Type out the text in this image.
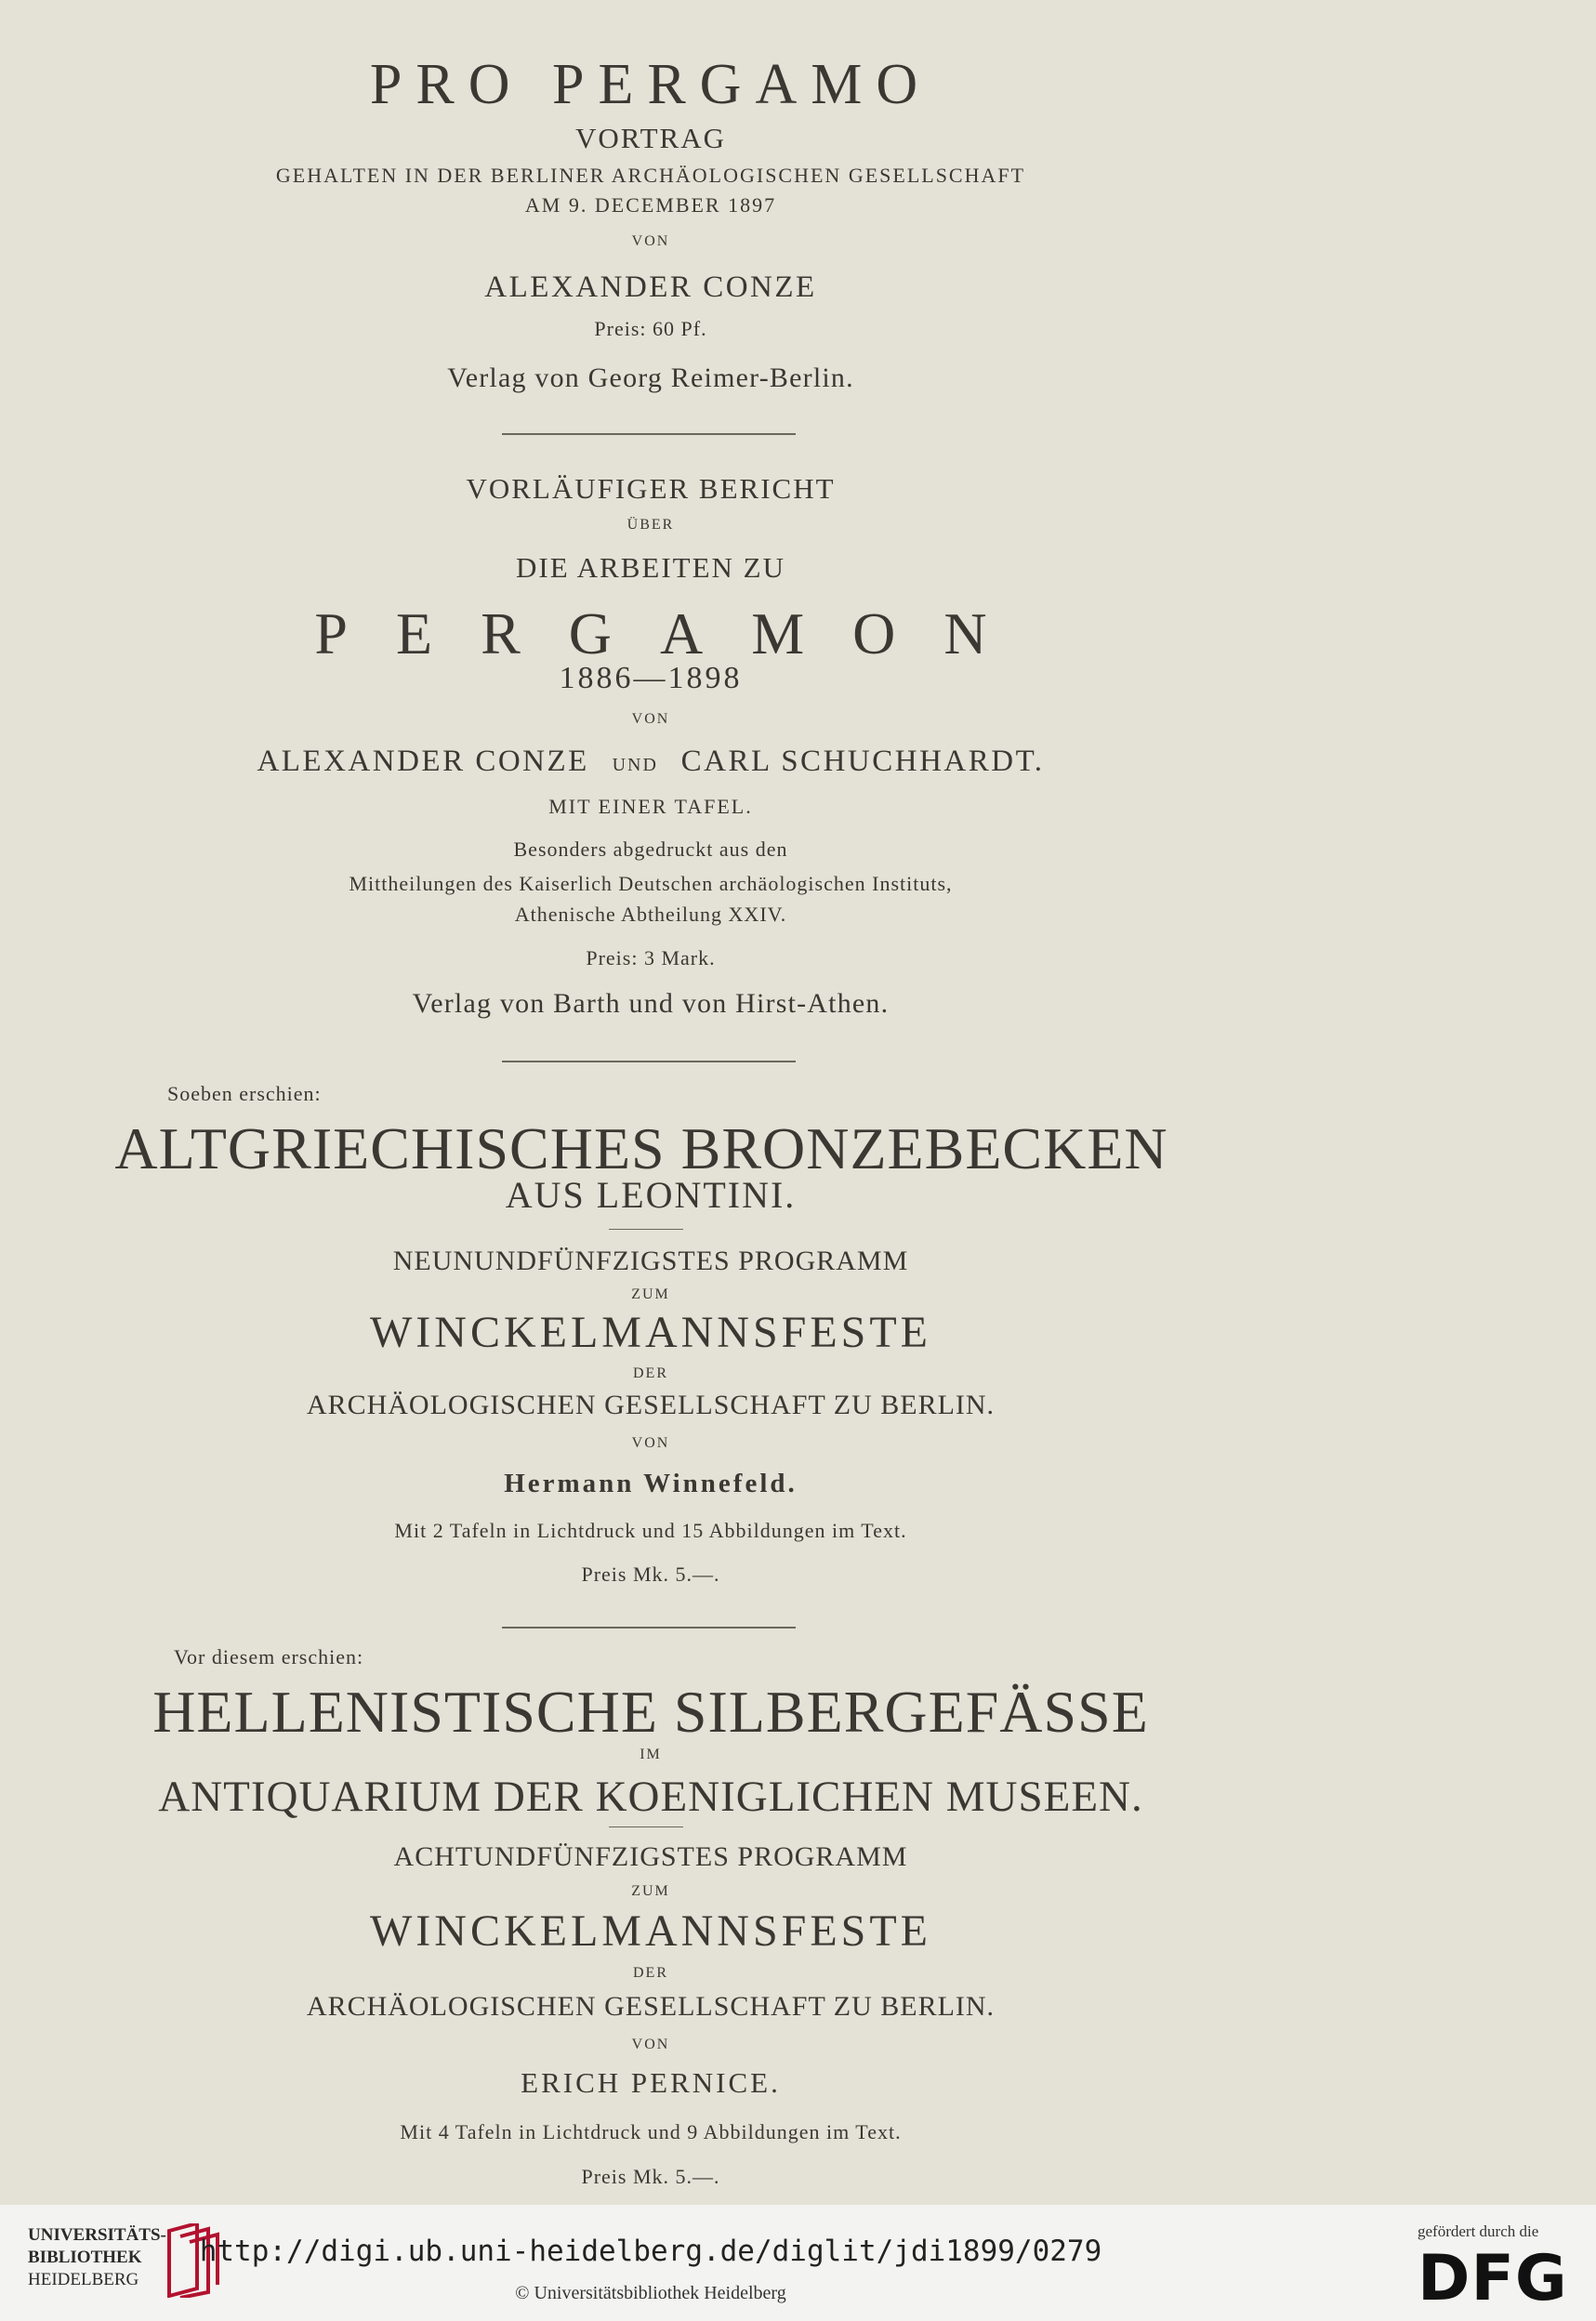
PRO PERGAMO
VORTRAG
GEHALTEN IN DER BERLINER ARCHÄOLOGISCHEN GESELLSCHAFT
AM 9. DECEMBER 1897
VON
ALEXANDER CONZE
Preis: 60 Pf.
Verlag von Georg Reimer-Berlin.
VORLÄUFIGER BERICHT
ÜBER
DIE ARBEITEN ZU
PERGAMON
1886—1898
VON
ALEXANDER CONZE UND CARL SCHUCHHARDT.
MIT EINER TAFEL.
Besonders abgedruckt aus den
Mittheilungen des Kaiserlich Deutschen archäologischen Instituts,
Athenische Abtheilung XXIV.
Preis: 3 Mark.
Verlag von Barth und von Hirst-Athen.
Soeben erschien:
ALTGRIECHISCHES BRONZEBECKEN
AUS LEONTINI.
NEUNUNDFÜNFZIGSTES PROGRAMM
ZUM
WINCKELMANNSFESTE
DER
ARCHÄOLOGISCHEN GESELLSCHAFT ZU BERLIN.
VON
Hermann Winnefeld.
Mit 2 Tafeln in Lichtdruck und 15 Abbildungen im Text.
Preis Mk. 5.—.
Vor diesem erschien:
HELLENISTISCHE SILBERGEFÄSSE
IM
ANTIQUARIUM DER KOENIGLICHEN MUSEEN.
ACHTUNDFÜNFZIGSTES PROGRAMM
ZUM
WINCKELMANNSFESTE
DER
ARCHÄOLOGISCHEN GESELLSCHAFT ZU BERLIN.
VON
ERICH PERNICE.
Mit 4 Tafeln in Lichtdruck und 9 Abbildungen im Text.
Preis Mk. 5.—.
UNIVERSITÄTS-
BIBLIOTHEK
HEIDELBERG
http://digi.ub.uni-heidelberg.de/diglit/jdi1899/0279
© Universitätsbibliothek Heidelberg
gefördert durch die
DFG
